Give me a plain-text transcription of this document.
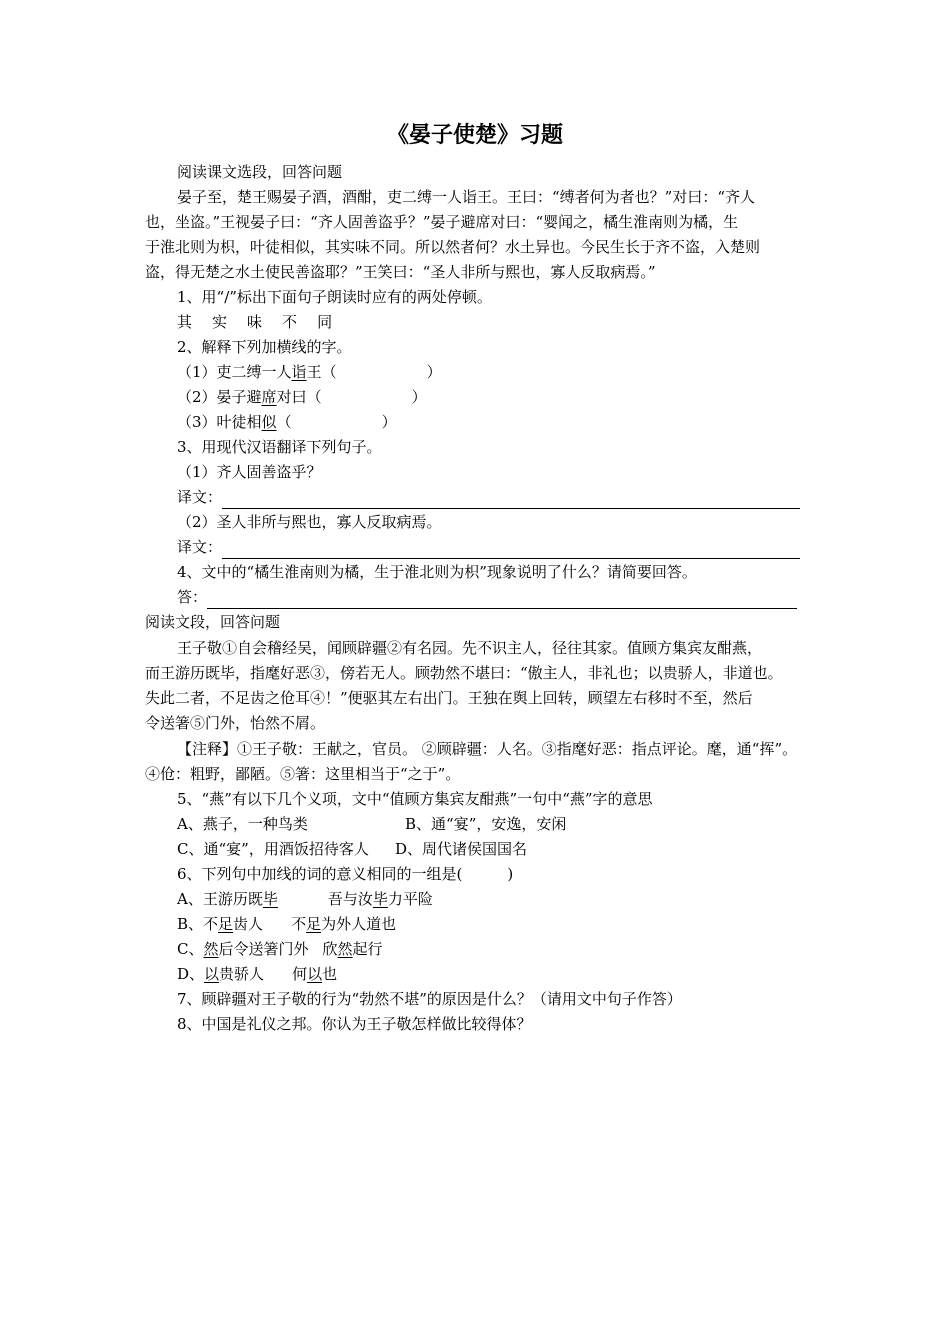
《晏子使楚》习题
阅读课文选段，回答问题
晏子至，楚王赐晏子酒，酒酣，吏二缚一人诣王。王曰：“缚者何为者也？”对曰：“齐人
也，坐盗。”王视晏子曰：“齐人固善盗乎？”晏子避席对曰：“婴闻之，橘生淮南则为橘，生
于淮北则为枳，叶徒相似，其实味不同。所以然者何？水土异也。今民生长于齐不盗，入楚则
盗，得无楚之水土使民善盗耶？”王笑曰：“圣人非所与熙也，寡人反取病焉。”
1、用“/”标出下面句子朗读时应有的两处停顿。
其 实 味 不 同
2、解释下列加横线的字。
（1）吏二缚一人诣王（	）
（2）晏子避席对曰（	）
（3）叶徒相似（	）
3、用现代汉语翻译下列句子。
（1）齐人固善盗乎？
译文：
（2）圣人非所与熙也，寡人反取病焉。
译文：
4、文中的“橘生淮南则为橘，生于淮北则为枳”现象说明了什么？请简要回答。
答：
阅读文段，回答问题
王子敬①自会稽经吴，闻顾辟疆②有名园。先不识主人，径往其家。值顾方集宾友酣燕，
而王游历既毕，指麾好恶③，傍若无人。顾勃然不堪曰：“傲主人，非礼也；以贵骄人，非道也。
失此二者，不足齿之伧耳④！”便驱其左右出门。王独在舆上回转，顾望左右移时不至，然后
令送箸⑤门外，怡然不屑。
【注释】①王子敬：王献之，官员。 ②顾辟疆：人名。③指麾好恶：指点评论。麾，通“挥”。
④伧：粗野，鄙陋。⑤箸：这里相当于“之于”。
5、“燕”有以下几个义项，文中“值顾方集宾友酣燕”一句中“燕”字的意思
A、燕子，一种鸟类	B、通“宴”，安逸，安闲
C、通“宴”，用酒饭招待客人 D、周代诸侯国国名
6、下列句中加线的词的意义相同的一组是(　　　)
A、王游历既毕	吾与汝毕力平险
B、不足齿人 不足为外人道也
C、然后令送箸门外 欣然起行
D、以贵骄人 何以也
7、顾辟疆对王子敬的行为“勃然不堪”的原因是什么？（请用文中句子作答）
8、中国是礼仪之邦。你认为王子敬怎样做比较得体？
